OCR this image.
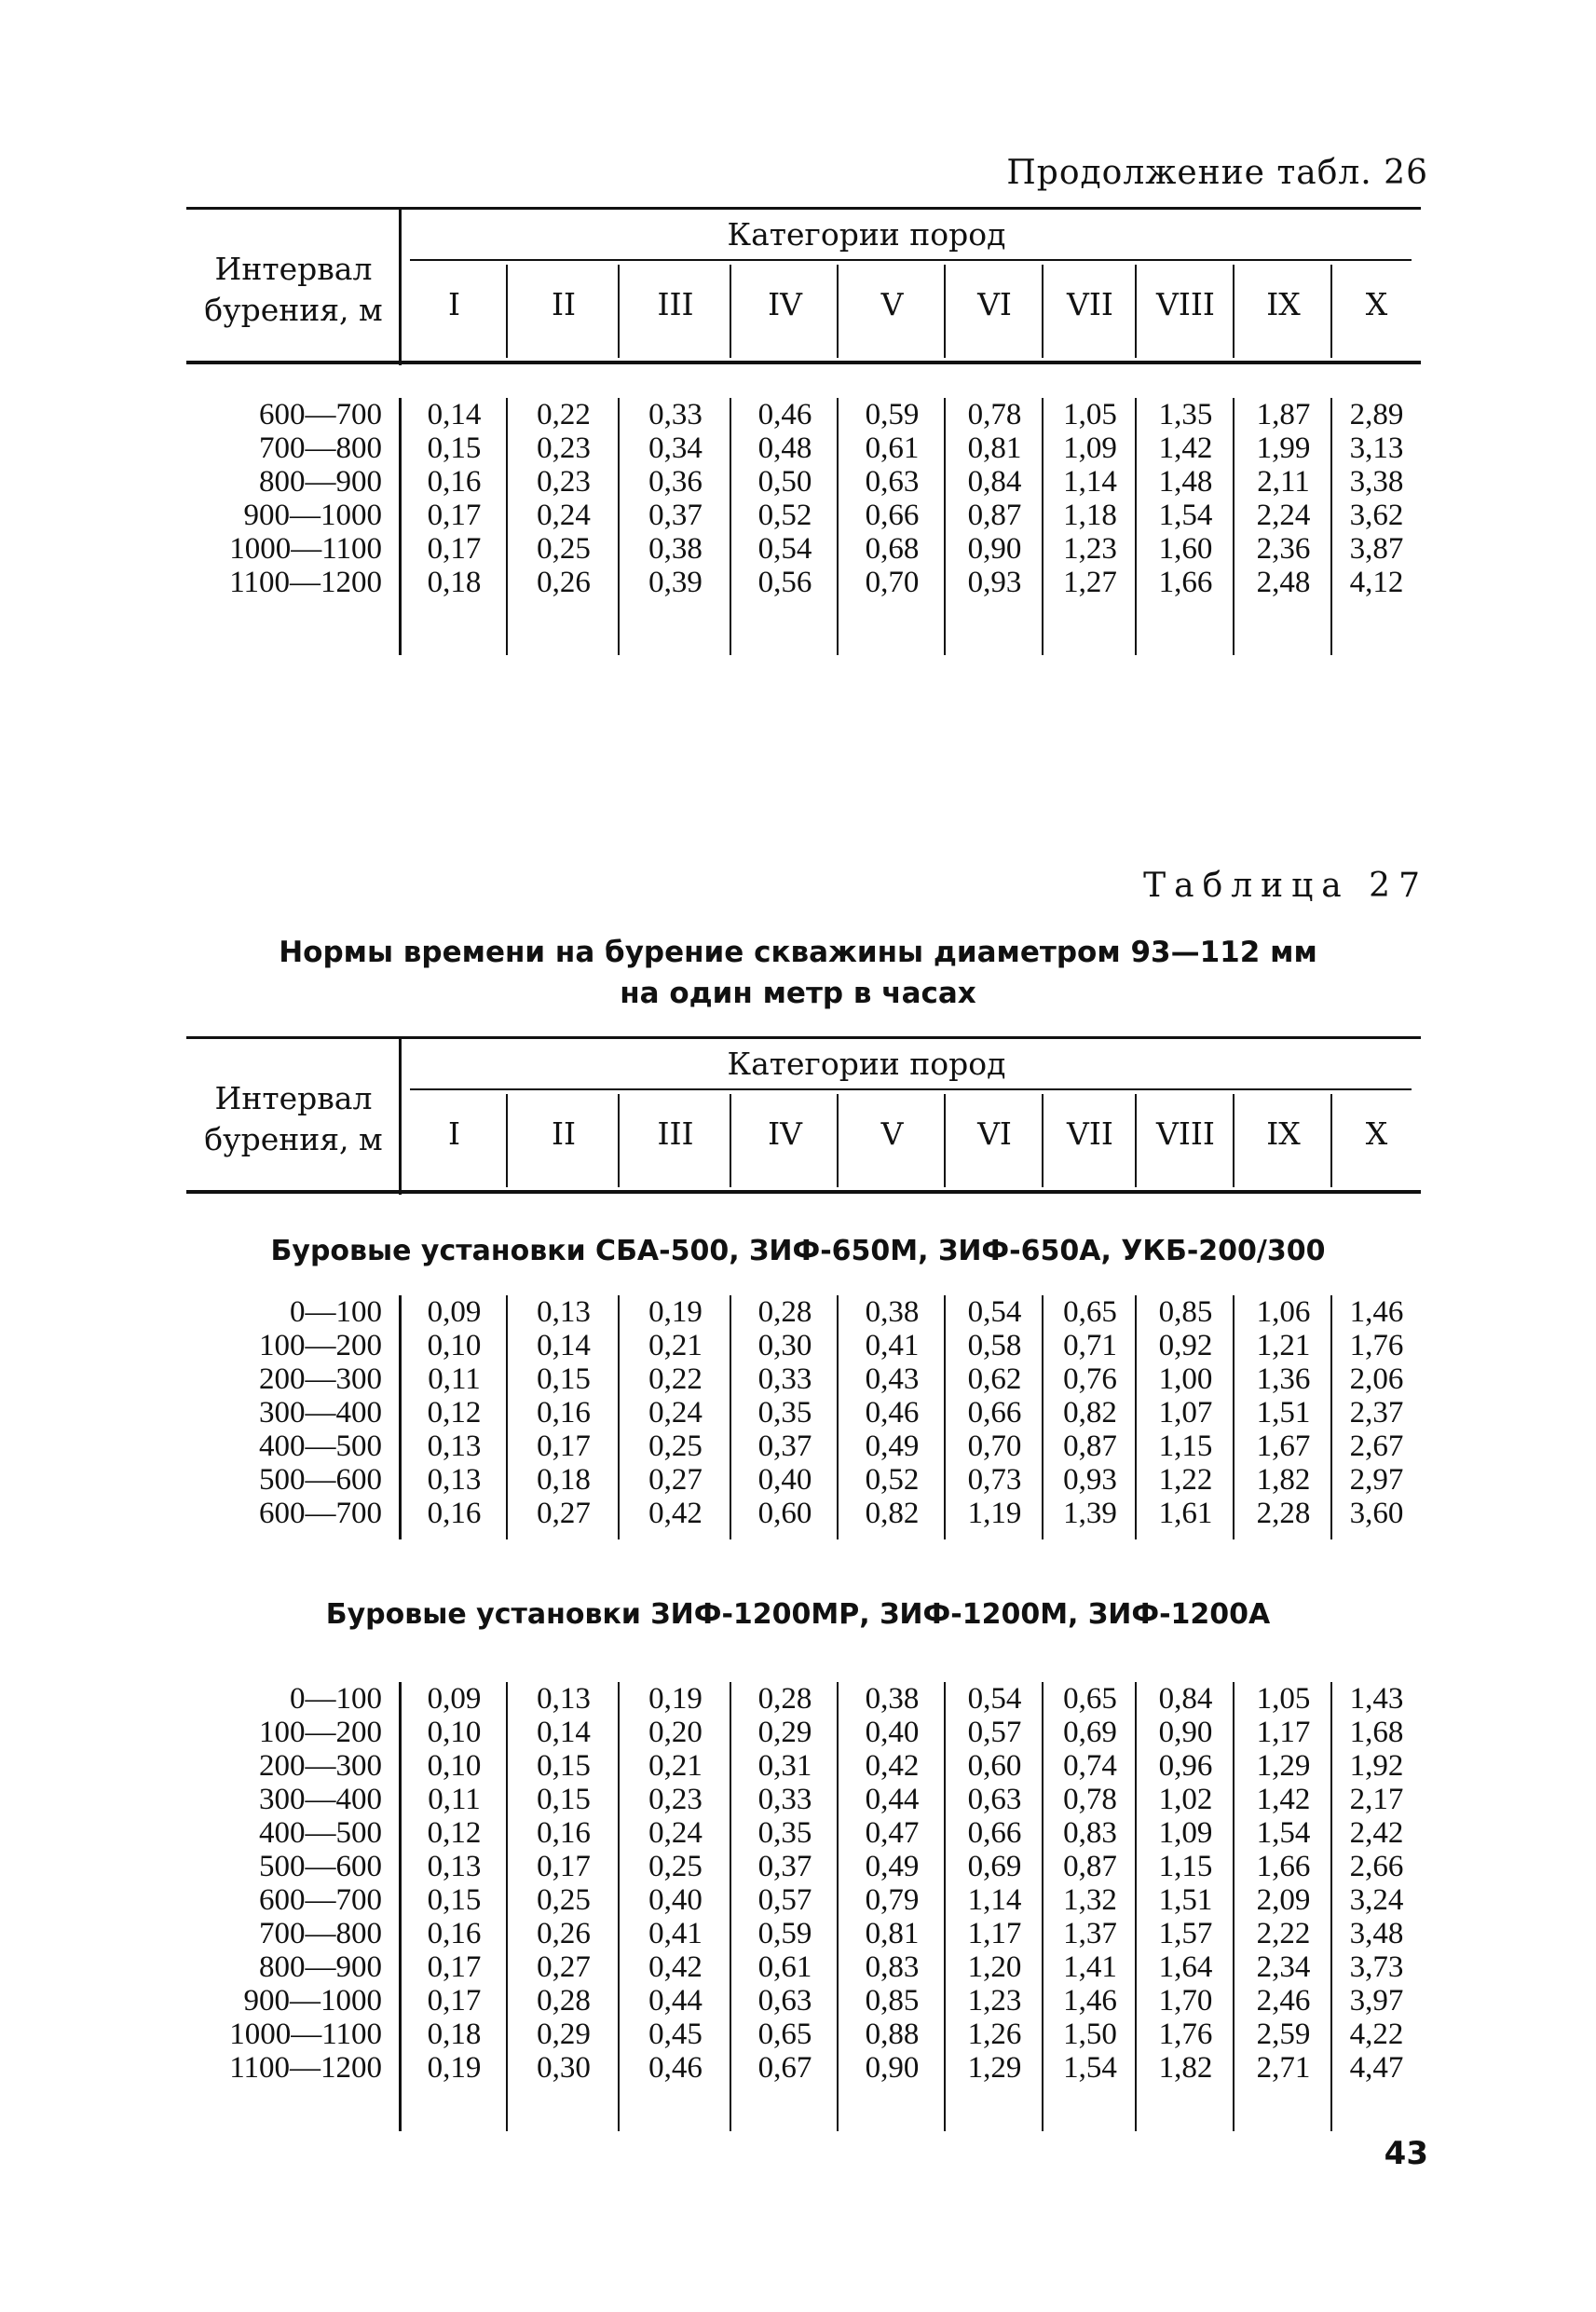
Продолжение табл. 26
Таблица 27
Нормы времени на бурение скважины диаметром 93—112 мм
на один метр в часах
Интервал
бурения, м
Категории пород
I	II	III	IV	V	VI	VII	VIII	IX	X
600—700	0,14	0,22	0,33	0,46	0,59	0,78	1,05	1,35	1,87	2,89
700—800	0,15	0,23	0,34	0,48	0,61	0,81	1,09	1,42	1,99	3,13
800—900	0,16	0,23	0,36	0,50	0,63	0,84	1,14	1,48	2,11	3,38
900—1000	0,17	0,24	0,37	0,52	0,66	0,87	1,18	1,54	2,24	3,62
1000—1100	0,17	0,25	0,38	0,54	0,68	0,90	1,23	1,60	2,36	3,87
1100—1200	0,18	0,26	0,39	0,56	0,70	0,93	1,27	1,66	2,48	4,12
Интервал
бурения, м
Категории пород
I	II	III	IV	V	VI	VII	VIII	IX	X
Буровые установки СБА-500, ЗИФ-650М, ЗИФ-650А, УКБ-200/300
0—100	0,09	0,13	0,19	0,28	0,38	0,54	0,65	0,85	1,06	1,46
100—200	0,10	0,14	0,21	0,30	0,41	0,58	0,71	0,92	1,21	1,76
200—300	0,11	0,15	0,22	0,33	0,43	0,62	0,76	1,00	1,36	2,06
300—400	0,12	0,16	0,24	0,35	0,46	0,66	0,82	1,07	1,51	2,37
400—500	0,13	0,17	0,25	0,37	0,49	0,70	0,87	1,15	1,67	2,67
500—600	0,13	0,18	0,27	0,40	0,52	0,73	0,93	1,22	1,82	2,97
600—700	0,16	0,27	0,42	0,60	0,82	1,19	1,39	1,61	2,28	3,60
Буровые установки ЗИФ-1200МР, ЗИФ-1200М, ЗИФ-1200А
0—100	0,09	0,13	0,19	0,28	0,38	0,54	0,65	0,84	1,05	1,43
100—200	0,10	0,14	0,20	0,29	0,40	0,57	0,69	0,90	1,17	1,68
200—300	0,10	0,15	0,21	0,31	0,42	0,60	0,74	0,96	1,29	1,92
300—400	0,11	0,15	0,23	0,33	0,44	0,63	0,78	1,02	1,42	2,17
400—500	0,12	0,16	0,24	0,35	0,47	0,66	0,83	1,09	1,54	2,42
500—600	0,13	0,17	0,25	0,37	0,49	0,69	0,87	1,15	1,66	2,66
600—700	0,15	0,25	0,40	0,57	0,79	1,14	1,32	1,51	2,09	3,24
700—800	0,16	0,26	0,41	0,59	0,81	1,17	1,37	1,57	2,22	3,48
800—900	0,17	0,27	0,42	0,61	0,83	1,20	1,41	1,64	2,34	3,73
900—1000	0,17	0,28	0,44	0,63	0,85	1,23	1,46	1,70	2,46	3,97
1000—1100	0,18	0,29	0,45	0,65	0,88	1,26	1,50	1,76	2,59	4,22
1100—1200	0,19	0,30	0,46	0,67	0,90	1,29	1,54	1,82	2,71	4,47
43
